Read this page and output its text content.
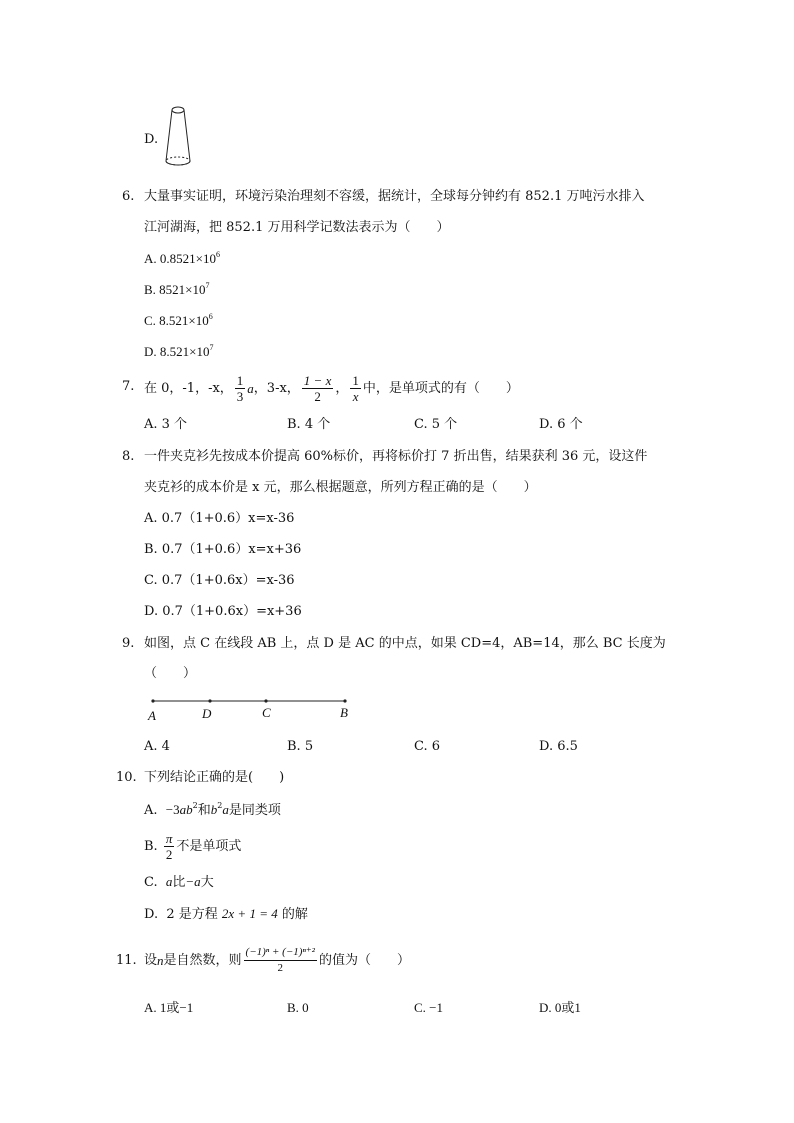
D.
6. 大量事实证明，环境污染治理刻不容缓，据统计，全球每分钟约有 852.1 万吨污水排入
江河湖海，把 852.1 万用科学记数法表示为（　　）
A. $0.8521\times 10^6$
B. $8521\times 10^7$
C. $8.521\times 10^6$
D. $8.521\times 10^7$
7. 在 0，-1，-x， $\frac{1}{3}$ a ，3-x， $\frac{1 - x}{2}$ ， $\frac{1}{x}$ 中，是单项式的有（　　）
A. 3 个	B. 4 个	C. 5 个	D. 6 个
8. 一件夹克衫先按成本价提高 60%标价，再将标价打 7 折出售，结果获利 36 元，设这件
夹克衫的成本价是 x 元，那么根据题意，所列方程正确的是（　　）
A. 0.7（1+0.6）x=x-36
B. 0.7（1+0.6）x=x+36
C. 0.7（1+0.6x）=x-36
D. 0.7（1+0.6x）=x+36
9. 如图，点 C 在线段 AB 上，点 D 是 AC 的中点，如果 CD=4，AB=14，那么 BC 长度为
（　　）
A	D	C	B
A. 4	B. 5	C. 6	D. 6.5
10. 下列结论正确的是(　　)
A. $-3ab^2$和$b^2a$是同类项
B.
$\frac{\pi}{2}$ 不是单项式
C. a比−a大
D. 2 是方程 2x + 1 = 4 的解
11. 设 n 是自然数，则 $\frac{\text{(−1)ⁿ + (−1)ⁿ⁺²}}{2}$ 的值为（　　）
A. 1或−1	B. 0	C. −1	D. 0或1
